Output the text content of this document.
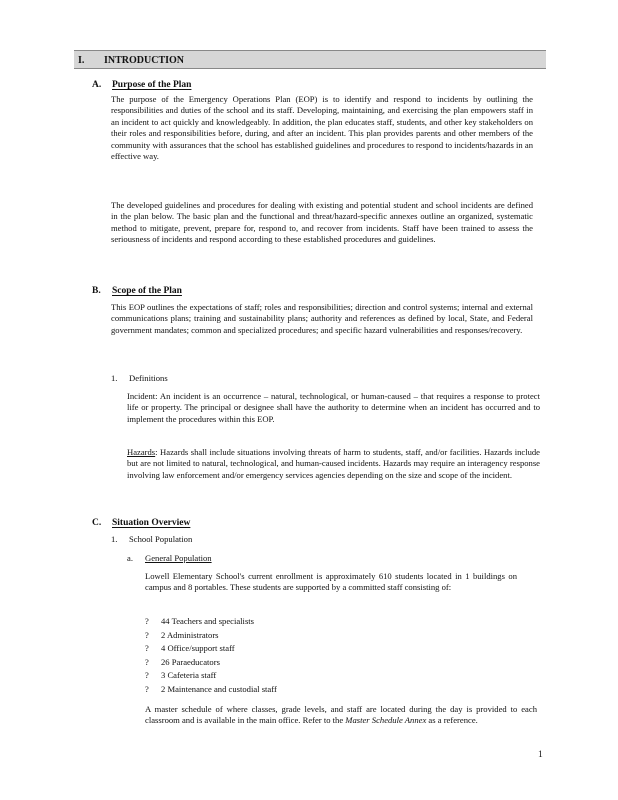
I. INTRODUCTION
A. Purpose of the Plan

The purpose of the Emergency Operations Plan (EOP) is to identify and respond to incidents by outlining the responsibilities and duties of the school and its staff. Developing, maintaining, and exercising the plan empowers staff in an incident to act quickly and knowledgeably. In addition, the plan educates staff, students, and other key stakeholders on their roles and responsibilities before, during, and after an incident. This plan provides parents and other members of the community with assurances that the school has established guidelines and procedures to respond to incidents/hazards in an effective way.

The developed guidelines and procedures for dealing with existing and potential student and school incidents are defined in the plan below. The basic plan and the functional and threat/hazard-specific annexes outline an organized, systematic method to mitigate, prevent, prepare for, respond to, and recover from incidents. Staff have been trained to assess the seriousness of incidents and respond according to these established procedures and guidelines.

B. Scope of the Plan

This EOP outlines the expectations of staff; roles and responsibilities; direction and control systems; internal and external communications plans; training and sustainability plans; authority and references as defined by local, State, and Federal government mandates; common and specialized procedures; and specific hazard vulnerabilities and responses/recovery.

1. Definitions

Incident: An incident is an occurrence – natural, technological, or human-caused – that requires a response to protect life or property. The principal or designee shall have the authority to determine when an incident has occurred and to implement the procedures within this EOP.

Hazards: Hazards shall include situations involving threats of harm to students, staff, and/or facilities. Hazards include but are not limited to natural, technological, and human-caused incidents. Hazards may require an interagency response involving law enforcement and/or emergency services agencies depending on the size and scope of the incident.

C. Situation Overview
1. School Population
a. General Population

Lowell Elementary School's current enrollment is approximately 610 students located in 1 buildings on campus and 8 portables. These students are supported by a committed staff consisting of:

? 44 Teachers and specialists
? 2 Administrators
? 4 Office/support staff
? 26 Paraeducators
? 3 Cafeteria staff
? 2 Maintenance and custodial staff

A master schedule of where classes, grade levels, and staff are located during the day is provided to each classroom and is available in the main office. Refer to the Master Schedule Annex as a reference.

1
